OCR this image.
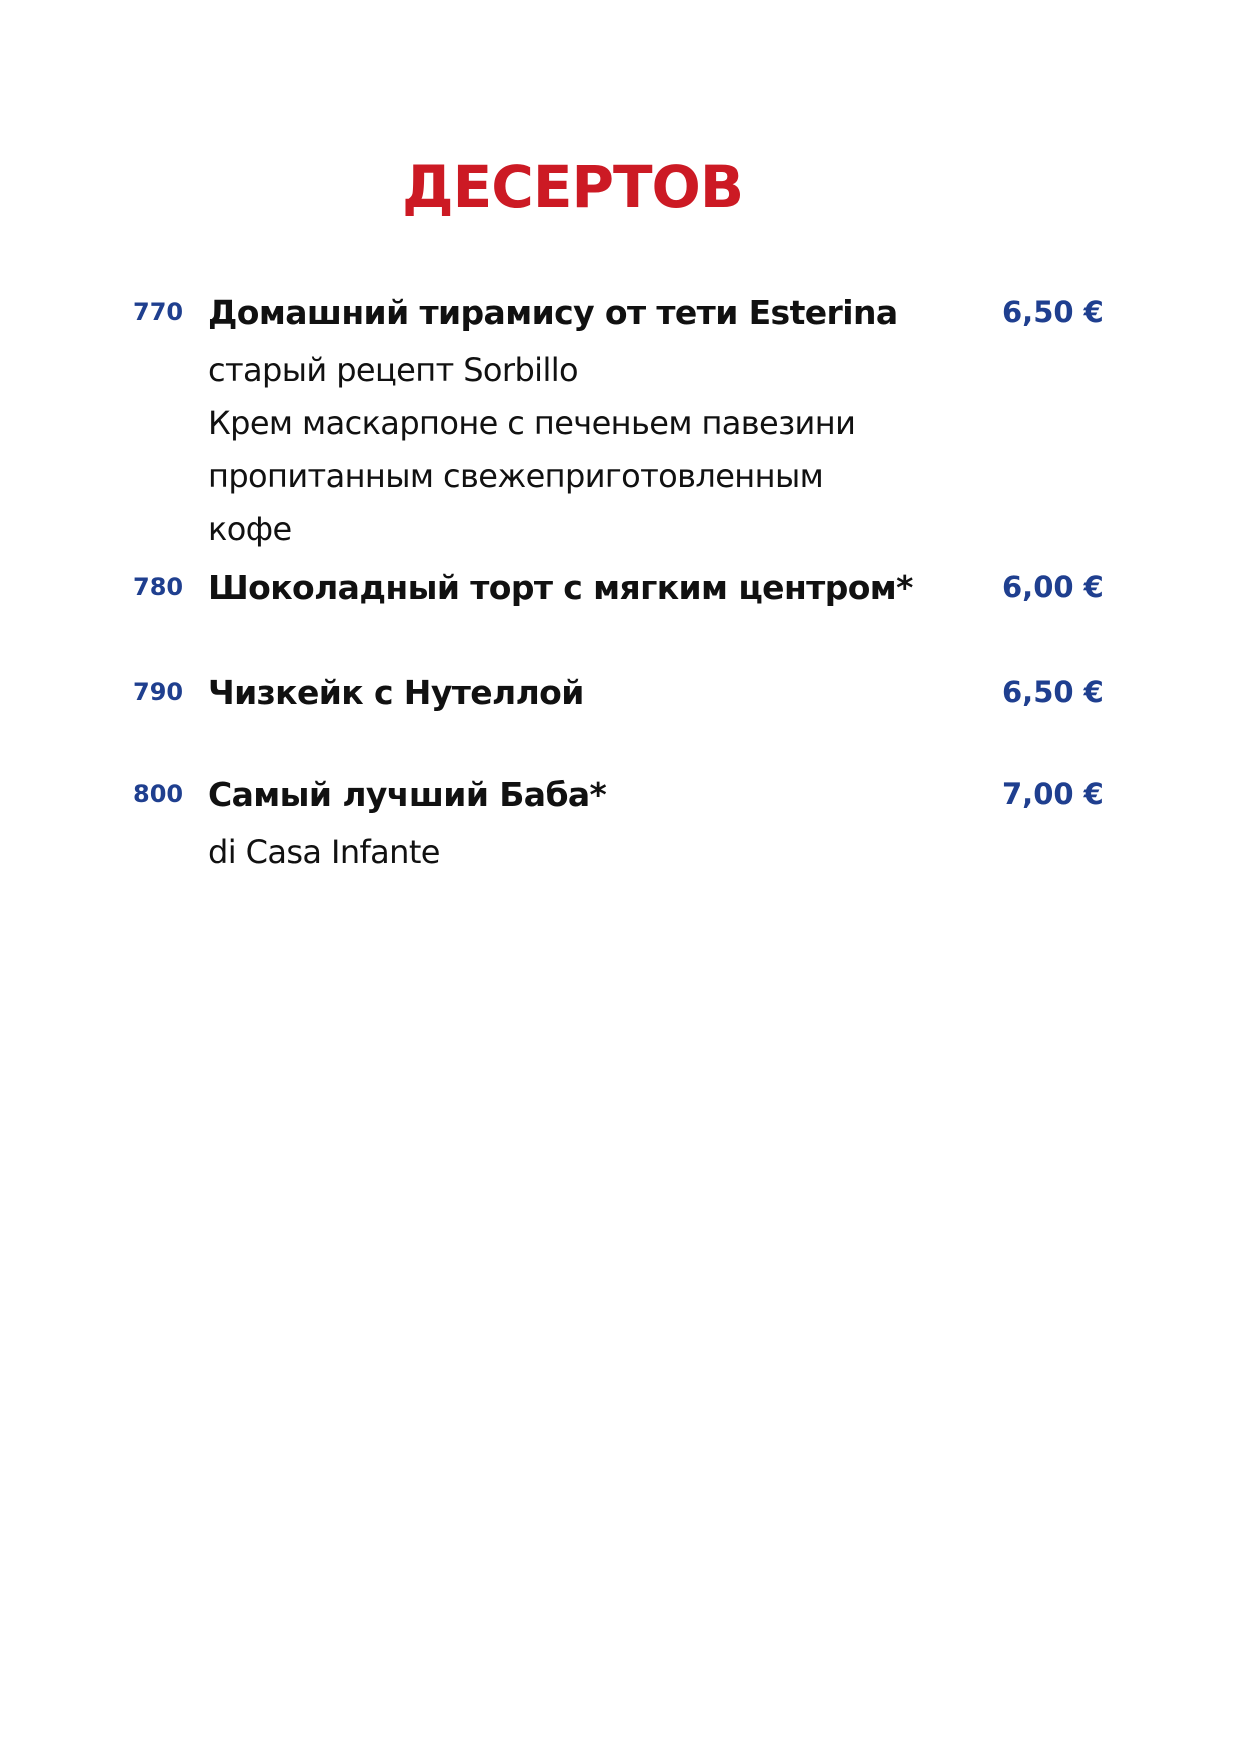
ДЕСЕРТОВ
770 Домашний тирамису от тети Esterina	6,50 €
старый рецепт Sorbillo
Крем маскарпоне с печеньем павезини
пропитанным свежеприготовленным
кофе
780 Шоколадный торт с мягким центром*	6,00 €
790 Чизкейк с Нутеллой	6,50 €
800 Самый лучший Баба*	7,00 €
di Casa Infante
